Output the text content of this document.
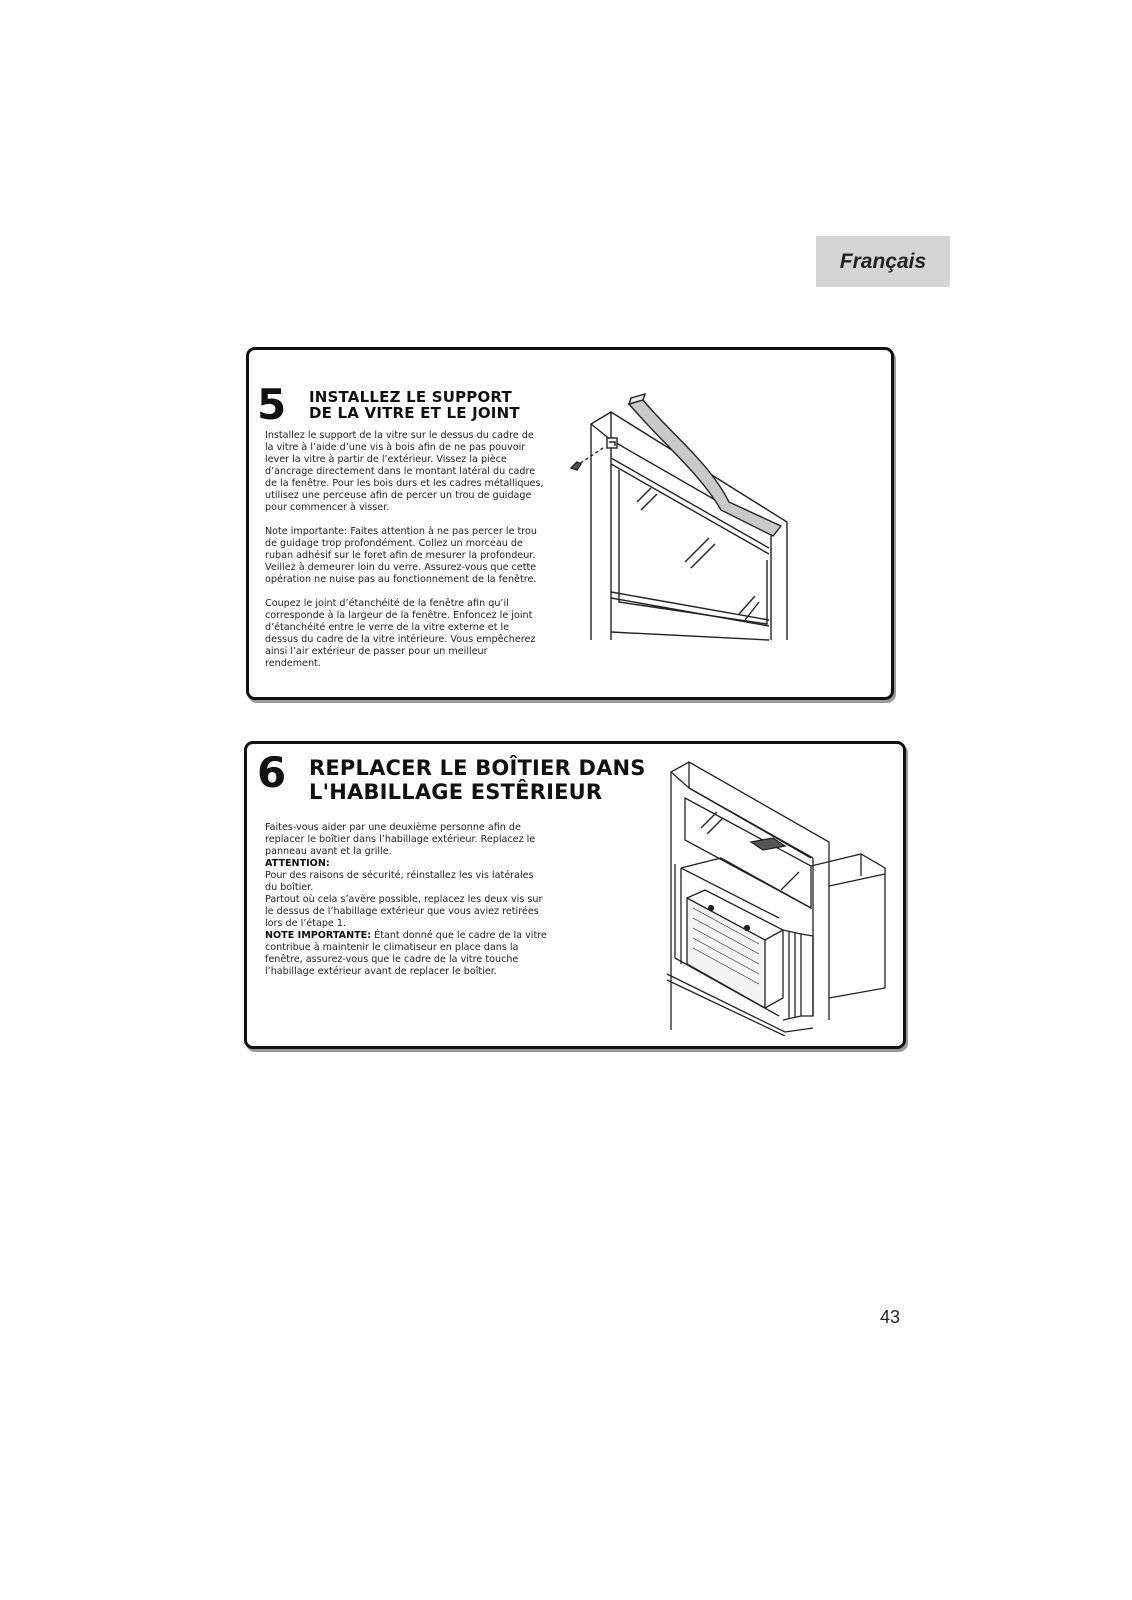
Français
5 INSTALLEZ LE SUPPORT
DE LA VITRE ET LE JOINT

Installez le support de la vitre sur le dessus du cadre de la vitre à l’aide d’une vis à bois afin de ne pas pouvoir lever la vitre à partir de l’extérieur. Vissez la pièce d’ancrage directement dans le montant latéral du cadre de la fenêtre. Pour les bois durs et les cadres métalliques, utilisez une perceuse afin de percer un trou de guidage pour commencer à visser.

Note importante: Faites attention à ne pas percer le trou de guidage trop profondément. Collez un morceau de ruban adhésif sur le foret afin de mesurer la profondeur. Veillez à demeurer loin du verre. Assurez-vous que cette opération ne nuise pas au fonctionnement de la fenêtre.

Coupez le joint d’étanchéité de la fenêtre afin qu’il corresponde à la largeur de la fenêtre. Enfoncez le joint d’étanchéité entre le verre de la vitre externe et le dessus du cadre de la vitre intérieure. Vous empêcherez ainsi l’air extérieur de passer pour un meilleur rendement.

6 REPLACER LE BOÎTIER DANS
L'HABILLAGE ESTÊRIEUR

Faites-vous aider par une deuxième personne afin de replacer le boîtier dans l’habillage extérieur. Replacez le panneau avant et la grille.

ATTENTION:

Pour des raisons de sécurité, réinstallez les vis latérales du boîtier.

Partout où cela s’avère possible, replacez les deux vis sur le dessus de l’habillage extérieur que vous aviez retirées lors de l’étape 1.

NOTE IMPORTANTE: Étant donné que le cadre de la vitre contribue à maintenir le climatiseur en place dans la fenêtre, assurez-vous que le cadre de la vitre touche l’habillage extérieur avant de replacer le boîtier.

43
